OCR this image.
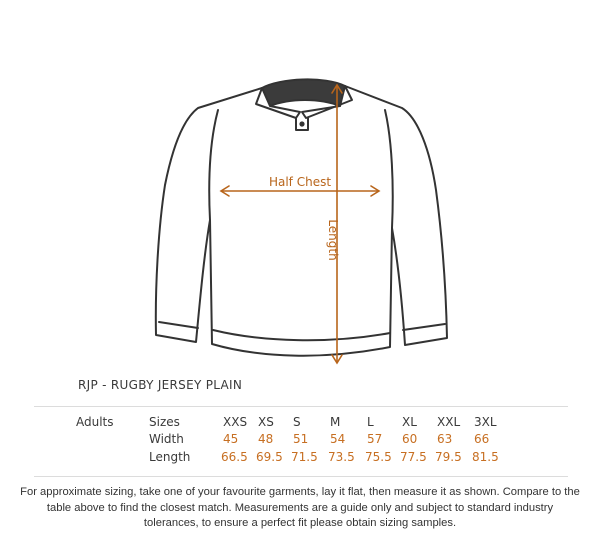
Half Chest
Length
RJP - RUGBY JERSEY PLAIN
Adults	Sizes	XXS XS S M L XL XXL 3XL
Width	45 48 51 54 57 60 63 66
Length	66.5 69.5 71.5 73.5 75.5 77.5 79.5 81.5
For approximate sizing, take one of your favourite garments, lay it flat, then measure it as shown. Compare to the table above to find the closest match. Measurements are a guide only and subject to standard industry tolerances, to ensure a perfect fit please obtain sizing samples.
